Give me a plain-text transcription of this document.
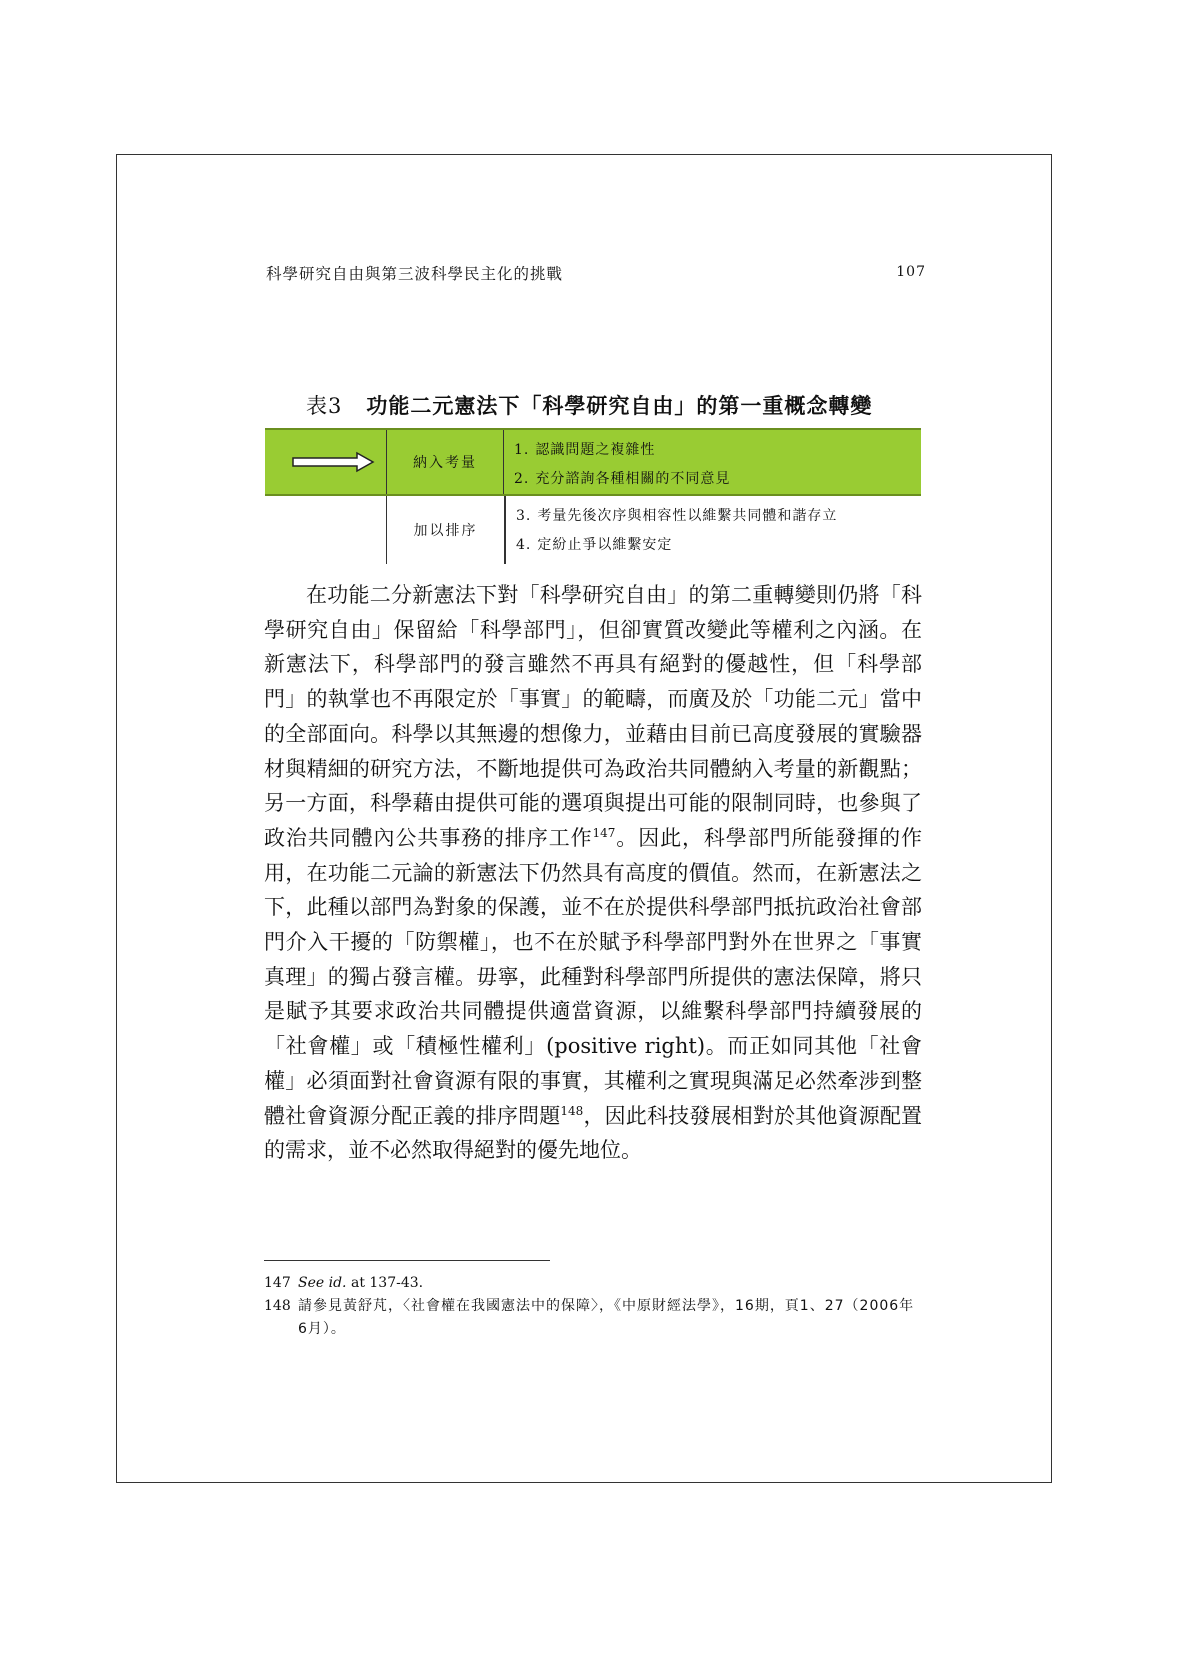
科學研究自由與第三波科學民主化的挑戰	107
表3 功能二元憲法下「科學研究自由」的第一重概念轉變
納入考量
1. 認識問題之複雜性
2. 充分諮詢各種相關的不同意見
加以排序
3. 考量先後次序與相容性以維繫共同體和諧存立
4. 定紛止爭以維繫安定

在功能二分新憲法下對「科學研究自由」的第二重轉變則仍將「科學研究自由」保留給「科學部門」，但卻實質改變此等權利之內涵。在新憲法下，科學部門的發言雖然不再具有絕對的優越性，但「科學部門」的執掌也不再限定於「事實」的範疇，而廣及於「功能二元」當中的全部面向。科學以其無邊的想像力，並藉由目前已高度發展的實驗器材與精細的研究方法，不斷地提供可為政治共同體納入考量的新觀點；另一方面，科學藉由提供可能的選項與提出可能的限制同時，也參與了政治共同體內公共事務的排序工作$^{147}$。因此，科學部門所能發揮的作用，在功能二元論的新憲法下仍然具有高度的價值。然而，在新憲法之下，此種以部門為對象的保護，並不在於提供科學部門抵抗政治社會部門介入干擾的「防禦權」，也不在於賦予科學部門對外在世界之「事實真理」的獨占發言權。毋寧，此種對科學部門所提供的憲法保障，將只是賦予其要求政治共同體提供適當資源，以維繫科學部門持續發展的「社會權」或「積極性權利」(positive right)。而正如同其他「社會權」必須面對社會資源有限的事實，其權利之實現與滿足必然牽涉到整體社會資源分配正義的排序問題$^{148}$，因此科技發展相對於其他資源配置的需求，並不必然取得絕對的優先地位。

147 See id. at 137-43.
148 請參見黃舒芃，〈社會權在我國憲法中的保障〉，《中原財經法學》，16期，頁1、27（2006年6月）。
